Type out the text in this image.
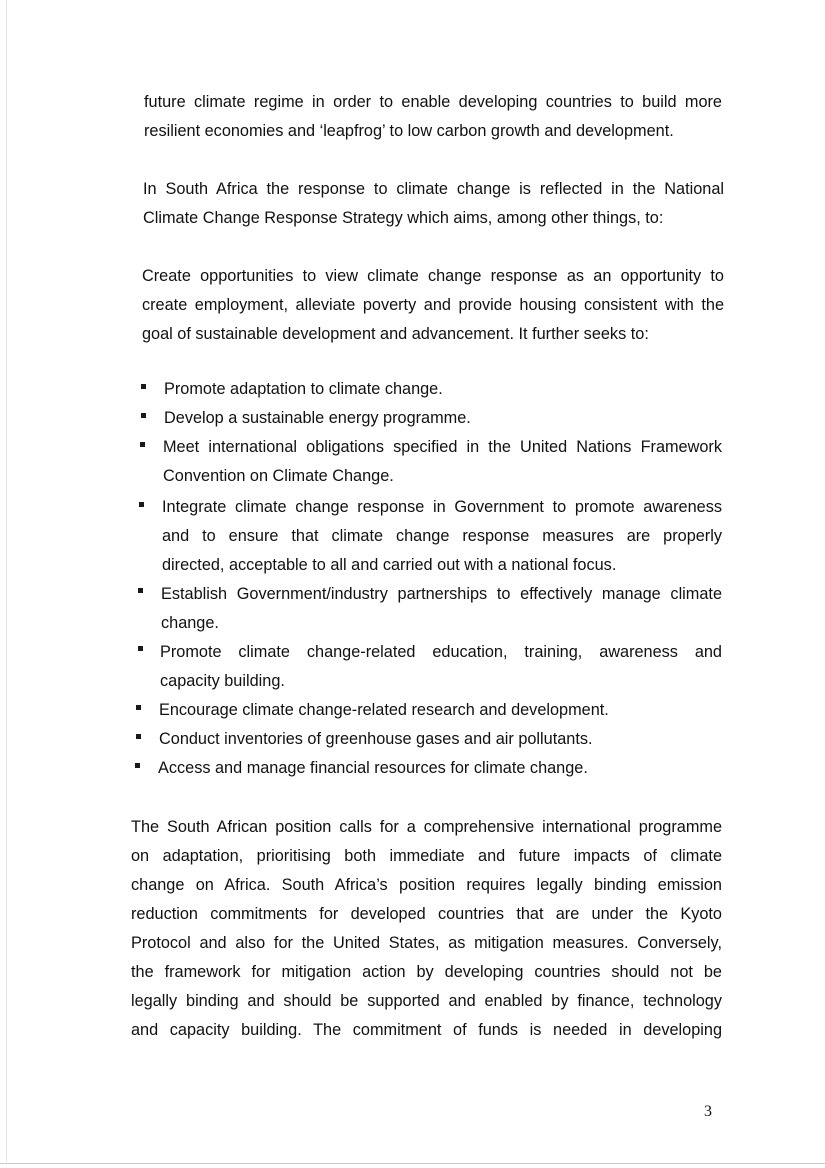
future climate regime in order to enable developing countries to build more
resilient economies and ‘leapfrog’ to low carbon growth and development.
In South Africa the response to climate change is reflected in the National
Climate Change Response Strategy which aims, among other things, to:
Create opportunities to view climate change response as an opportunity to
create employment, alleviate poverty and provide housing consistent with the
goal of sustainable development and advancement. It further seeks to:
Promote adaptation to climate change.
Develop a sustainable energy programme.
Meet international obligations specified in the United Nations Framework
Convention on Climate Change.
Integrate climate change response in Government to promote awareness
and to ensure that climate change response measures are properly
directed, acceptable to all and carried out with a national focus.
Establish Government/industry partnerships to effectively manage climate
change.
Promote climate change-related education, training, awareness and
capacity building.
Encourage climate change-related research and development.
Conduct inventories of greenhouse gases and air pollutants.
Access and manage financial resources for climate change.
The South African position calls for a comprehensive international programme
on adaptation, prioritising both immediate and future impacts of climate
change on Africa. South Africa’s position requires legally binding emission
reduction commitments for developed countries that are under the Kyoto
Protocol and also for the United States, as mitigation measures. Conversely,
the framework for mitigation action by developing countries should not be
legally binding and should be supported and enabled by finance, technology
and capacity building. The commitment of funds is needed in developing
3
